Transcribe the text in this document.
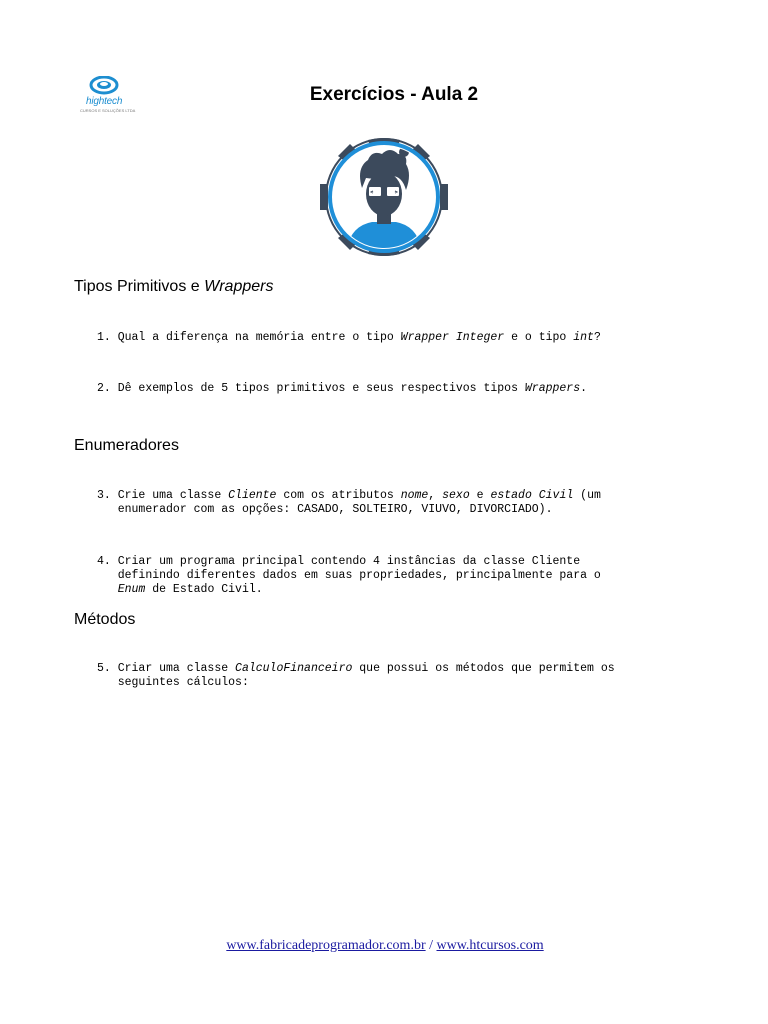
hightech
CURSOS E SOLUÇÕES LTDA
Exercícios - Aula 2
Tipos Primitivos e Wrappers
Enumeradores
Métodos
1. Qual a diferença na memória entre o tipo Wrapper Integer e o tipo int?
2. Dê exemplos de 5 tipos primitivos e seus respectivos tipos Wrappers.
3. Crie uma classe Cliente com os atributos nome, sexo e estado Civil (um
enumerador com as opções: CASADO, SOLTEIRO, VIUVO, DIVORCIADO).
4. Criar um programa principal contendo 4 instâncias da classe Cliente
definindo diferentes dados em suas propriedades, principalmente para o
Enum de Estado Civil.
5. Criar uma classe CalculoFinanceiro que possui os métodos que permitem os
seguintes cálculos:
www.fabricadeprogramador.com.br / www.htcursos.com
